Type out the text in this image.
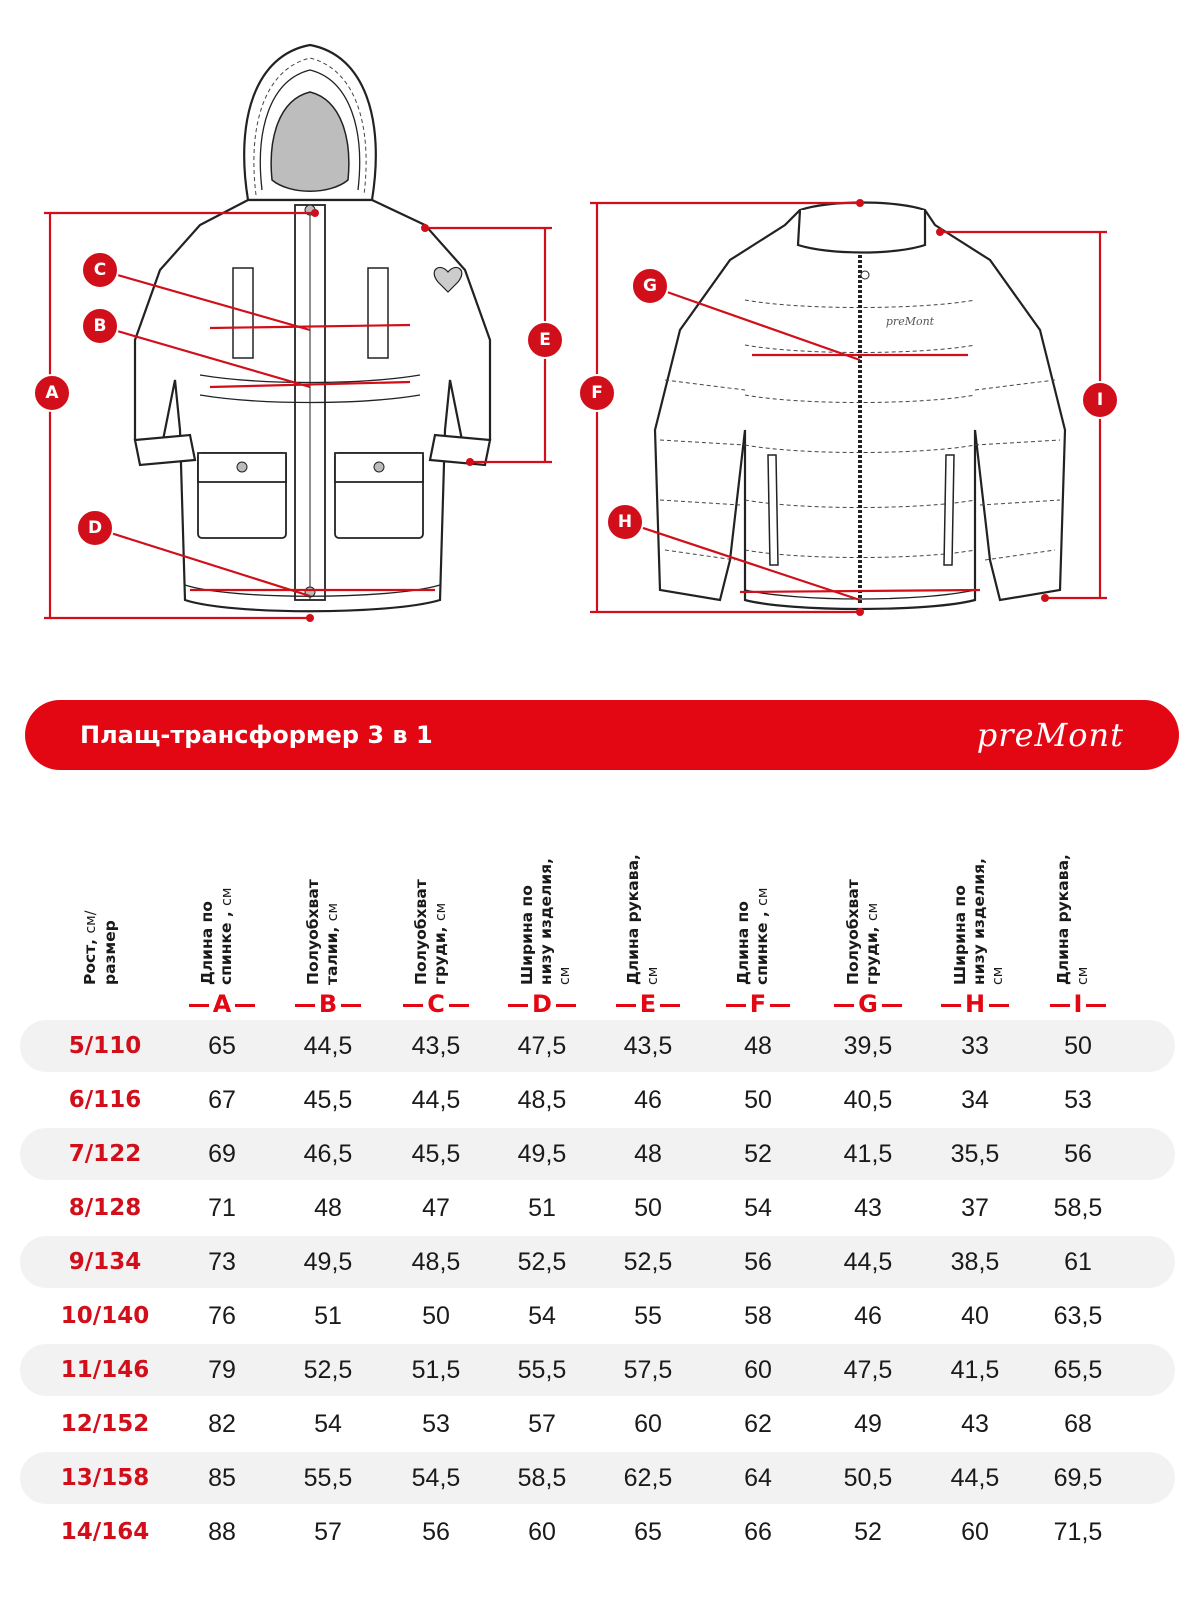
preMont
C
B
D
A
E
G
H
F	I
Плащ-трансформер 3 в 1	preMont
Рост, см/ размер	Длина по спинке , см
A
Полуобхват талии, см
B
Полуобхват груди, см
C
Ширина по низу изделия, см
D
Длина рукава, см
E
Длина по спинке , см
F
Полуобхват груди, см
G
Ширина по низу изделия, см
H
Длина рукава, см
I
5/110	65	44,5	43,5	47,5	43,5	48	39,5	33	50
6/116	67	45,5	44,5	48,5	46	50	40,5	34	53
7/122	69	46,5	45,5	49,5	48	52	41,5	35,5	56
8/128	71	48	47	51	50	54	43	37	58,5
9/134	73	49,5	48,5	52,5	52,5	56	44,5	38,5	61
10/140	76	51	50	54	55	58	46	40	63,5
11/146	79	52,5	51,5	55,5	57,5	60	47,5	41,5	65,5
12/152	82	54	53	57	60	62	49	43	68
13/158	85	55,5	54,5	58,5	62,5	64	50,5	44,5	69,5
14/164	88	57	56	60	65	66	52	60	71,5
